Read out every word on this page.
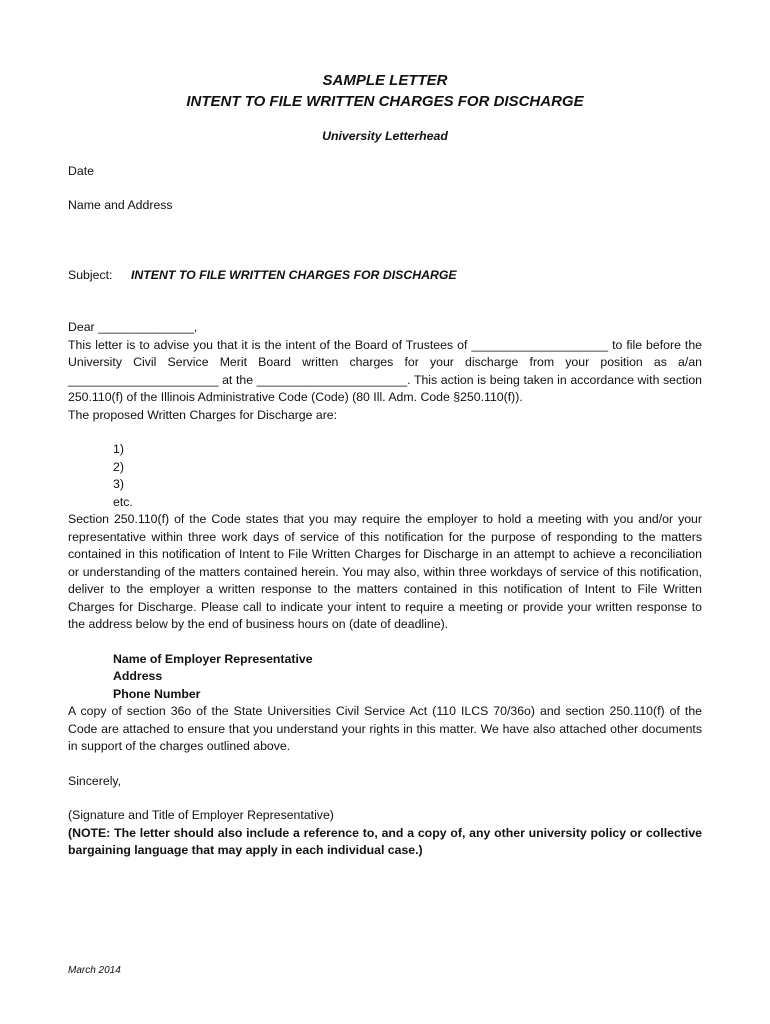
SAMPLE LETTER
INTENT TO FILE WRITTEN CHARGES FOR DISCHARGE
University Letterhead
Date
Name and Address
Subject: INTENT TO FILE WRITTEN CHARGES FOR DISCHARGE
Dear ______________,

This letter is to advise you that it is the intent of the Board of Trustees of ____________________ to file before the University Civil Service Merit Board written charges for your discharge from your position as a/an ______________________ at the ______________________. This action is being taken in accordance with section 250.110(f) of the Illinois Administrative Code (Code) (80 Ill. Adm. Code §250.110(f)).

The proposed Written Charges for Discharge are:

1)
2)
3)
etc.

Section 250.110(f) of the Code states that you may require the employer to hold a meeting with you and/or your representative within three work days of service of this notification for the purpose of responding to the matters contained in this notification of Intent to File Written Charges for Discharge in an attempt to achieve a reconciliation or understanding of the matters contained herein. You may also, within three workdays of service of this notification, deliver to the employer a written response to the matters contained in this notification of Intent to File Written Charges for Discharge. Please call to indicate your intent to require a meeting or provide your written response to the address below by the end of business hours on (date of deadline).

Name of Employer Representative
Address
Phone Number

A copy of section 36o of the State Universities Civil Service Act (110 ILCS 70/36o) and section 250.110(f) of the Code are attached to ensure that you understand your rights in this matter. We have also attached other documents in support of the charges outlined above.

Sincerely,
(Signature and Title of Employer Representative)

(NOTE: The letter should also include a reference to, and a copy of, any other university policy or collective bargaining language that may apply in each individual case.)

March 2014
